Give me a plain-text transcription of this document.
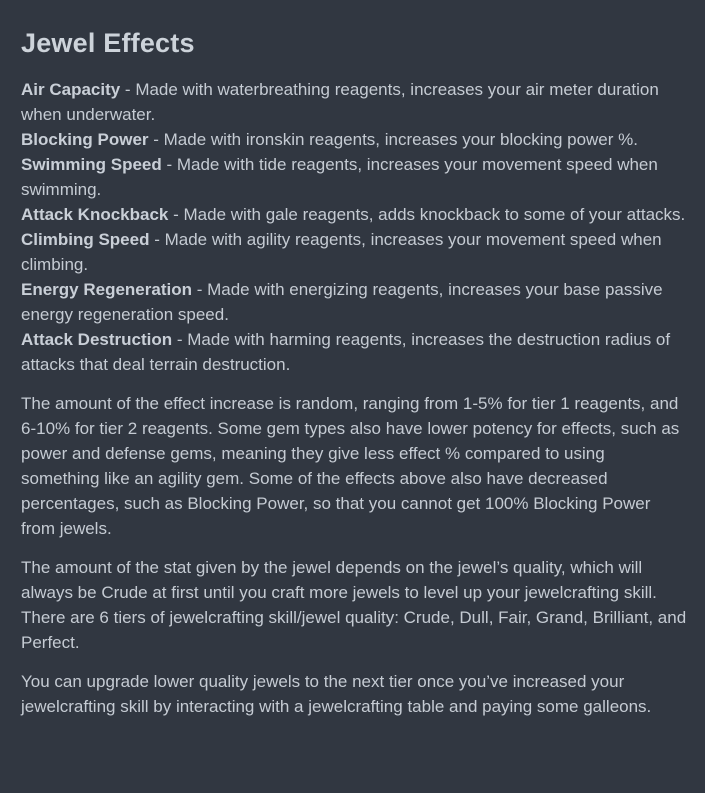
Jewel Effects

Air Capacity - Made with waterbreathing reagents, increases your air meter duration when underwater.

Blocking Power - Made with ironskin reagents, increases your blocking power %.

Swimming Speed - Made with tide reagents, increases your movement speed when swimming.

Attack Knockback - Made with gale reagents, adds knockback to some of your attacks.

Climbing Speed - Made with agility reagents, increases your movement speed when climbing.

Energy Regeneration - Made with energizing reagents, increases your base passive energy regeneration speed.

Attack Destruction - Made with harming reagents, increases the destruction radius of attacks that deal terrain destruction.

The amount of the effect increase is random, ranging from 1-5% for tier 1 reagents, and 6-10% for tier 2 reagents. Some gem types also have lower potency for effects, such as power and defense gems, meaning they give less effect % compared to using something like an agility gem. Some of the effects above also have decreased percentages, such as Blocking Power, so that you cannot get 100% Blocking Power from jewels.

The amount of the stat given by the jewel depends on the jewel’s quality, which will always be Crude at first until you craft more jewels to level up your jewelcrafting skill. There are 6 tiers of jewelcrafting skill/jewel quality: Crude, Dull, Fair, Grand, Brilliant, and Perfect.

You can upgrade lower quality jewels to the next tier once you’ve increased your jewelcrafting skill by interacting with a jewelcrafting table and paying some galleons.
